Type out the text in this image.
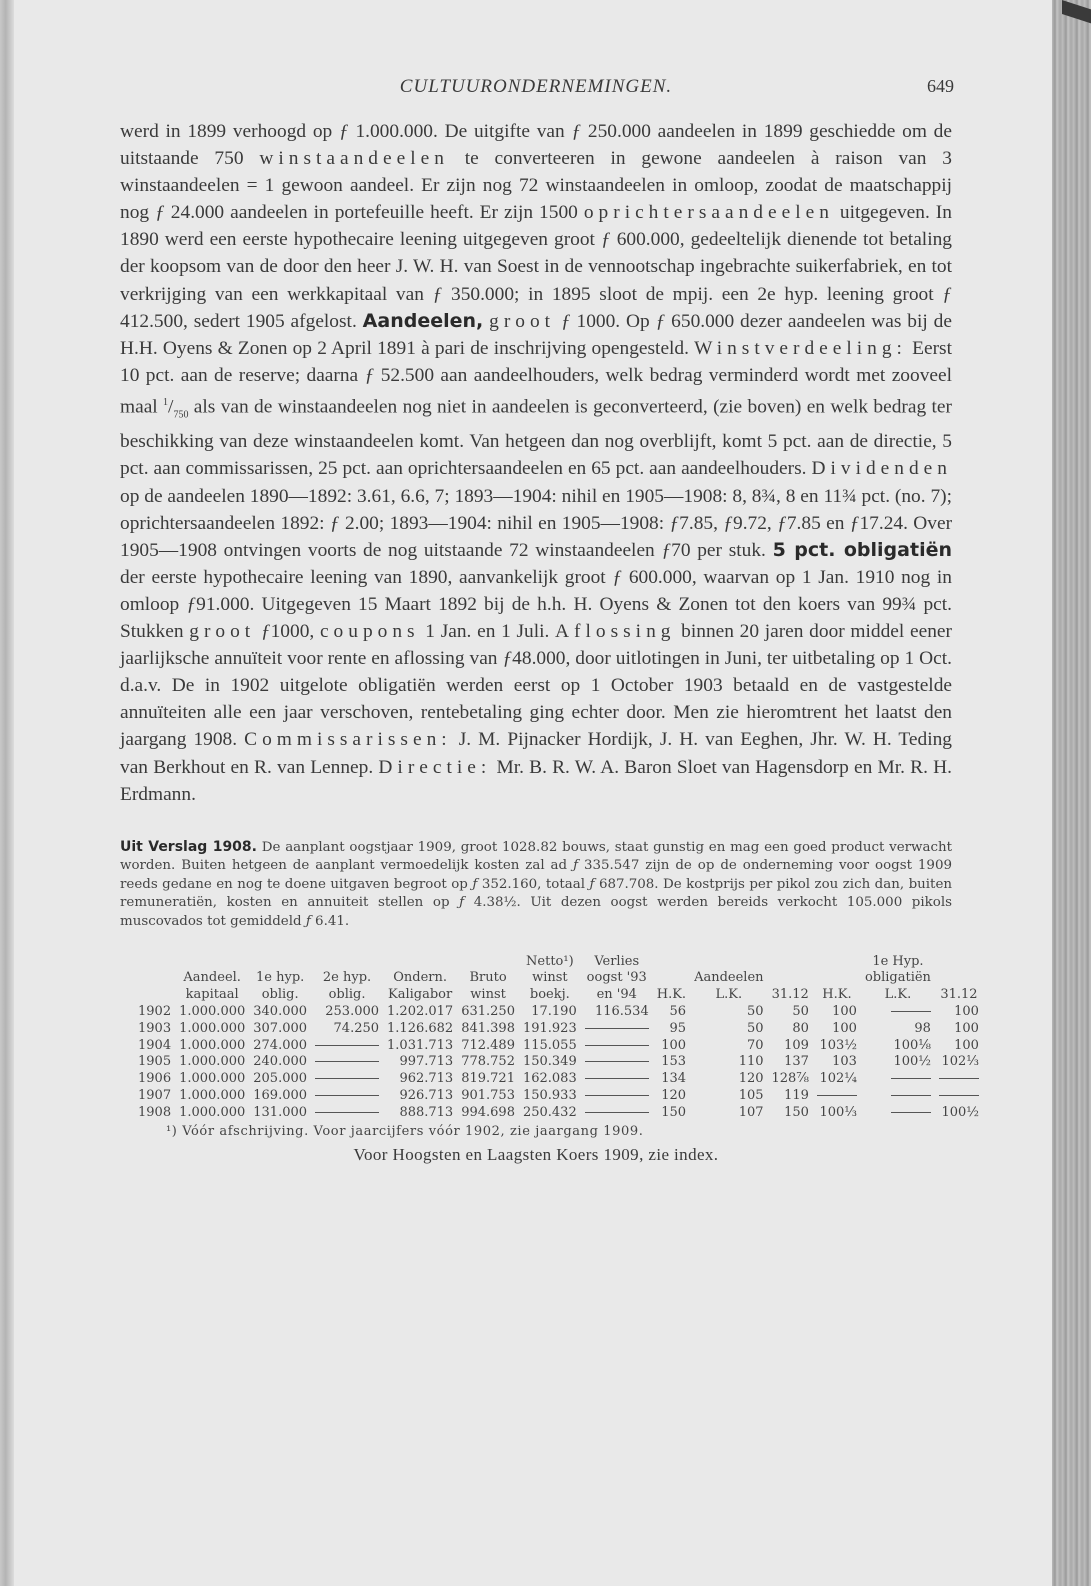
CULTUURONDERNEMINGEN.	649

werd in 1899 verhoogd op ƒ 1.000.000. De uitgifte van ƒ 250.000 aandeelen in 1899 geschiedde om de uitstaande 750 winstaandeelen te converteeren in gewone aandeelen à raison van 3 winstaandeelen = 1 gewoon aandeel. Er zijn nog 72 winstaandeelen in omloop, zoodat de maatschappij nog ƒ 24.000 aandeelen in portefeuille heeft. Er zijn 1500 oprichtersaandeelen uitgegeven. In 1890 werd een eerste hypothecaire leening uitgegeven groot ƒ 600.000, gedeeltelijk dienende tot betaling der koopsom van de door den heer J. W. H. van Soest in de vennootschap ingebrachte suikerfabriek, en tot verkrijging van een werkkapitaal van ƒ 350.000; in 1895 sloot de mpij. een 2e hyp. leening groot ƒ 412.500, sedert 1905 afgelost. Aandeelen, groot ƒ 1000. Op ƒ 650.000 dezer aandeelen was bij de H.H. Oyens & Zonen op 2 April 1891 à pari de inschrijving opengesteld. Winstverdeeling: Eerst 10 pct. aan de reserve; daarna ƒ 52.500 aan aandeelhouders, welk bedrag verminderd wordt met zooveel maal $^1/_{750}$ als van de winstaandeelen nog niet in aandeelen is geconverteerd, (zie boven) en welk bedrag ter beschikking van deze winstaandeelen komt. Van hetgeen dan nog overblijft, komt 5 pct. aan de directie, 5 pct. aan commissarissen, 25 pct. aan oprichtersaandeelen en 65 pct. aan aandeelhouders. Dividenden op de aandeelen 1890—1892: 3.61, 6.6, 7; 1893—1904: nihil en 1905—1908: 8, 8¾, 8 en 11¾ pct. (no. 7); oprichtersaandeelen 1892: ƒ 2.00; 1893—1904: nihil en 1905—1908: ƒ7.85, ƒ9.72, ƒ7.85 en ƒ17.24. Over 1905—1908 ontvingen voorts de nog uitstaande 72 winstaandeelen ƒ70 per stuk. 5 pct. obligatiën der eerste hypothecaire leening van 1890, aanvankelijk groot ƒ 600.000, waarvan op 1 Jan. 1910 nog in omloop ƒ91.000. Uitgegeven 15 Maart 1892 bij de h.h. H. Oyens & Zonen tot den koers van 99¾ pct. Stukken groot ƒ1000, coupons 1 Jan. en 1 Juli. Aflossing binnen 20 jaren door middel eener jaarlijksche annuïteit voor rente en aflossing van ƒ48.000, door uitlotingen in Juni, ter uitbetaling op 1 Oct. d.a.v. De in 1902 uitgelote obligatiën werden eerst op 1 October 1903 betaald en de vastgestelde annuïteiten alle een jaar verschoven, rentebetaling ging echter door. Men zie hieromtrent het laatst den jaargang 1908. Commissarissen: J. M. Pijnacker Hordijk, J. H. van Eeghen, Jhr. W. H. Teding van Berkhout en R. van Lennep. Directie: Mr. B. R. W. A. Baron Sloet van Hagensdorp en Mr. R. H. Erdmann.

Uit Verslag 1908. De aanplant oogstjaar 1909, groot 1028.82 bouws, staat gunstig en mag een goed product verwacht worden. Buiten hetgeen de aanplant vermoedelijk kosten zal ad ƒ 335.547 zijn de op de onderneming voor oogst 1909 reeds gedane en nog te doene uitgaven begroot op ƒ 352.160, totaal ƒ 687.708. De kostprijs per pikol zou zich dan, buiten remuneratiën, kosten en annuiteit stellen op ƒ 4.38½. Uit dezen oogst werden bereids verkocht 105.000 pikols muscovados tot gemiddeld ƒ 6.41.
						Netto¹)	Verlies					1e Hyp.	
	Aandeel.	1e hyp.	2e hyp.	Ondern.	Bruto	winst	oogst '93		Aandeelen			obligatiën	
	kapitaal	oblig.	oblig.	Kaligabor	winst	boekj.	en '94	H.K.	L.K.	31.12	H.K.	L.K.	31.12
1902	1.000.000	340.000	253.000	1.202.017	631.250	17.190	116.534	56	50	50	100		100
1903	1.000.000	307.000	74.250	1.126.682	841.398	191.923		95	50	80	100	98	100
1904	1.000.000	274.000		1.031.713	712.489	115.055		100	70	109	103½	100⅛	100
1905	1.000.000	240.000		997.713	778.752	150.349		153	110	137	103	100½	102⅓
1906	1.000.000	205.000		962.713	819.721	162.083		134	120	128⅞	102¼		
1907	1.000.000	169.000		926.713	901.753	150.933		120	105	119			
1908	1.000.000	131.000		888.713	994.698	250.432		150	107	150	100⅓		100½
¹) Vóór afschrijving. Voor jaarcijfers vóór 1902, zie jaargang 1909.
Voor Hoogsten en Laagsten Koers 1909, zie index.
